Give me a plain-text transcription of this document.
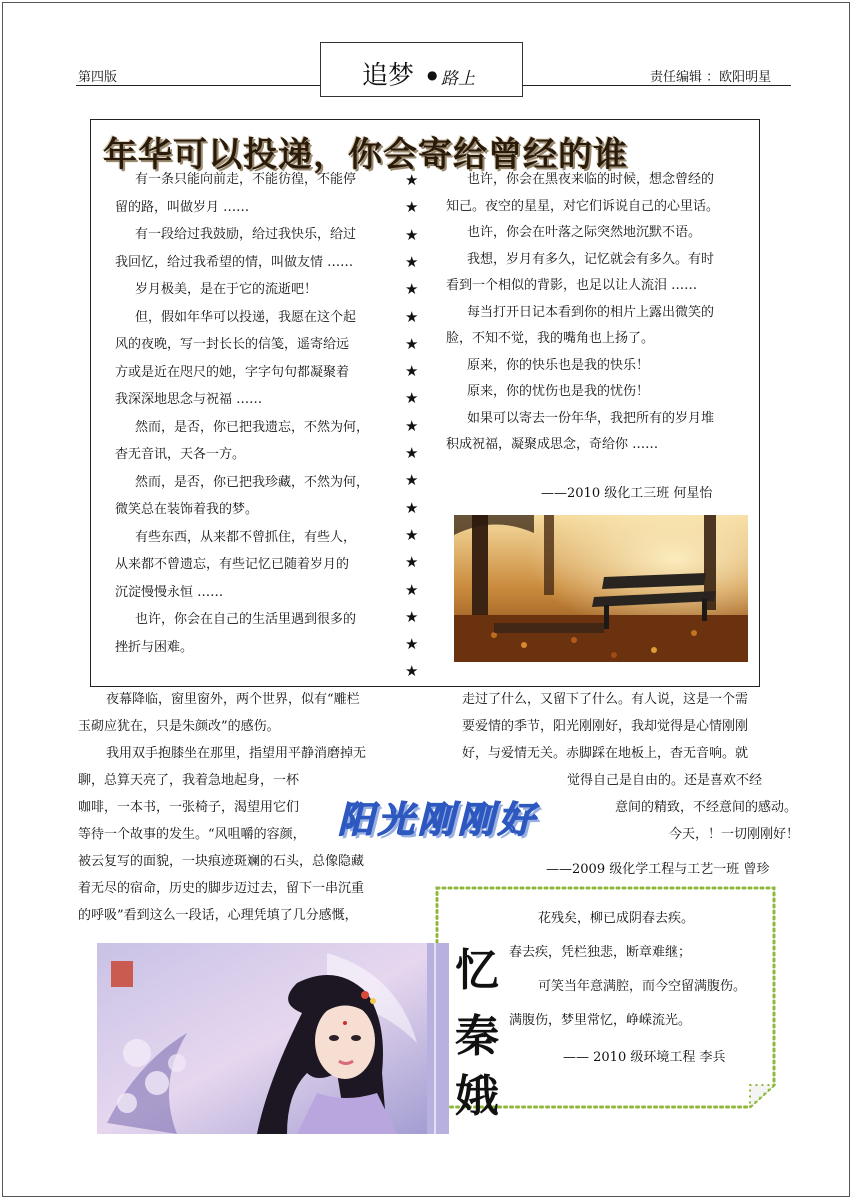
第四版	追梦 ● 路上	责任编辑 ：欧阳明星
年华可以投递，你会寄给曾经的谁
有一条只能向前走，不能彷徨，不能停
留的路，叫做岁月 ……
有一段给过我鼓励，给过我快乐，给过
我回忆，给过我希望的情，叫做友情 ……
岁月极美，是在于它的流逝吧！
但，假如年华可以投递，我愿在这个起
风的夜晚，写一封长长的信笺，遥寄给远
方或是近在咫尺的她，字字句句都凝聚着
我深深地思念与祝福 ……
然而，是否，你已把我遗忘，不然为何，
杳无音讯，天各一方。
然而，是否，你已把我珍藏，不然为何，
微笑总在装饰着我的梦。
有些东西，从来都不曾抓住，有些人，
从来都不曾遗忘，有些记忆已随着岁月的
沉淀慢慢永恒 ……
也许，你会在自己的生活里遇到很多的
挫折与困难。
★
★
★
★
★
★
★
★
★
★
★
★
★
★
★
★
★
★
★
也许，你会在黑夜来临的时候，想念曾经的
知己。夜空的星星，对它们诉说自己的心里话。
也许，你会在叶落之际突然地沉默不语。
我想，岁月有多久，记忆就会有多久。有时
看到一个相似的背影，也足以让人流泪 ……
每当打开日记本看到你的相片上露出微笑的
脸，不知不觉，我的嘴角也上扬了。
原来，你的快乐也是我的快乐！
原来，你的忧伤也是我的忧伤！
如果可以寄去一份年华，我把所有的岁月堆
积成祝福，凝聚成思念，奇给你 ……
——2010 级化工三班 何星怡
夜幕降临，窗里窗外，两个世界，似有“雕栏
玉砌应犹在，只是朱颜改”的感伤。
我用双手抱膝坐在那里，指望用平静消磨掉无
聊，总算天亮了，我着急地起身，一杯
咖啡，一本书，一张椅子，渴望用它们
等待一个故事的发生。“风咀嚼的容颜，
被云复写的面貌，一块痕迹斑斓的石头，总像隐藏
着无尽的宿命，历史的脚步迈过去，留下一串沉重
的呼吸”看到这么一段话，心理凭填了几分感慨，
走过了什么，又留下了什么。有人说，这是一个需
要爱情的季节，阳光刚刚好，我却觉得是心情刚刚
好，与爱情无关。赤脚踩在地板上，杳无音响。就
觉得自己是自由的。还是喜欢不经
意间的精致，不经意间的感动。
今天，！一切刚刚好！
阳光刚刚好
——2009 级化学工程与工艺一班 曾珍
花残矣，柳已成阴春去疾。
春去疾，凭栏独悲，断章难继；
可笑当年意满腔，而今空留满腹伤。
满腹伤，梦里常忆，峥嵘流光。
—— 2010 级环境工程 李兵
忆
秦
娥
